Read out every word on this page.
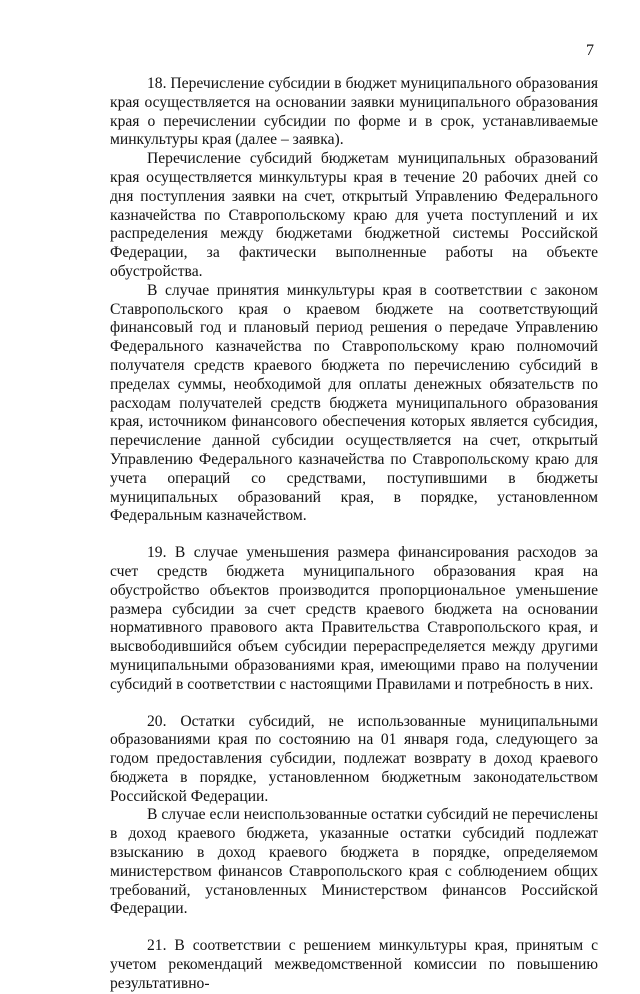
7

18. Перечисление субсидии в бюджет муниципального образования края осуществляется на основании заявки муниципального образования края о перечислении субсидии по форме и в срок, устанавливаемые минкультуры края (далее – заявка).

Перечисление субсидий бюджетам муниципальных образований края осуществляется минкультуры края в течение 20 рабочих дней со дня поступления заявки на счет, открытый Управлению Федерального казначейства по Ставропольскому краю для учета поступлений и их распределения между бюджетами бюджетной системы Российской Федерации, за фактически выполненные работы на объекте обустройства.

В случае принятия минкультуры края в соответствии с законом Ставропольского края о краевом бюджете на соответствующий финансовый год и плановый период решения о передаче Управлению Федерального казначейства по Ставропольскому краю полномочий получателя средств краевого бюджета по перечислению субсидий в пределах суммы, необходимой для оплаты денежных обязательств по расходам получателей средств бюджета муниципального образования края, источником финансового обеспечения которых является субсидия, перечисление данной субсидии осуществляется на счет, открытый Управлению Федерального казначейства по Ставропольскому краю для учета операций со средствами, поступившими в бюджеты муниципальных образований края, в порядке, установленном Федеральным казначейством.

19. В случае уменьшения размера финансирования расходов за счет средств бюджета муниципального образования края на обустройство объектов производится пропорциональное уменьшение размера субсидии за счет средств краевого бюджета на основании нормативного правового акта Правительства Ставропольского края, и высвободившийся объем субсидии перераспределяется между другими муниципальными образованиями края, имеющими право на получении субсидий в соответствии с настоящими Правилами и потребность в них.

20. Остатки субсидий, не использованные муниципальными образованиями края по состоянию на 01 января года, следующего за годом предоставления субсидии, подлежат возврату в доход краевого бюджета в порядке, установленном бюджетным законодательством Российской Федерации.

В случае если неиспользованные остатки субсидий не перечислены в доход краевого бюджета, указанные остатки субсидий подлежат взысканию в доход краевого бюджета в порядке, определяемом министерством финансов Ставропольского края с соблюдением общих требований, установленных Министерством финансов Российской Федерации.

21. В соответствии с решением минкультуры края, принятым с учетом рекомендаций межведомственной комиссии по повышению результативно-
